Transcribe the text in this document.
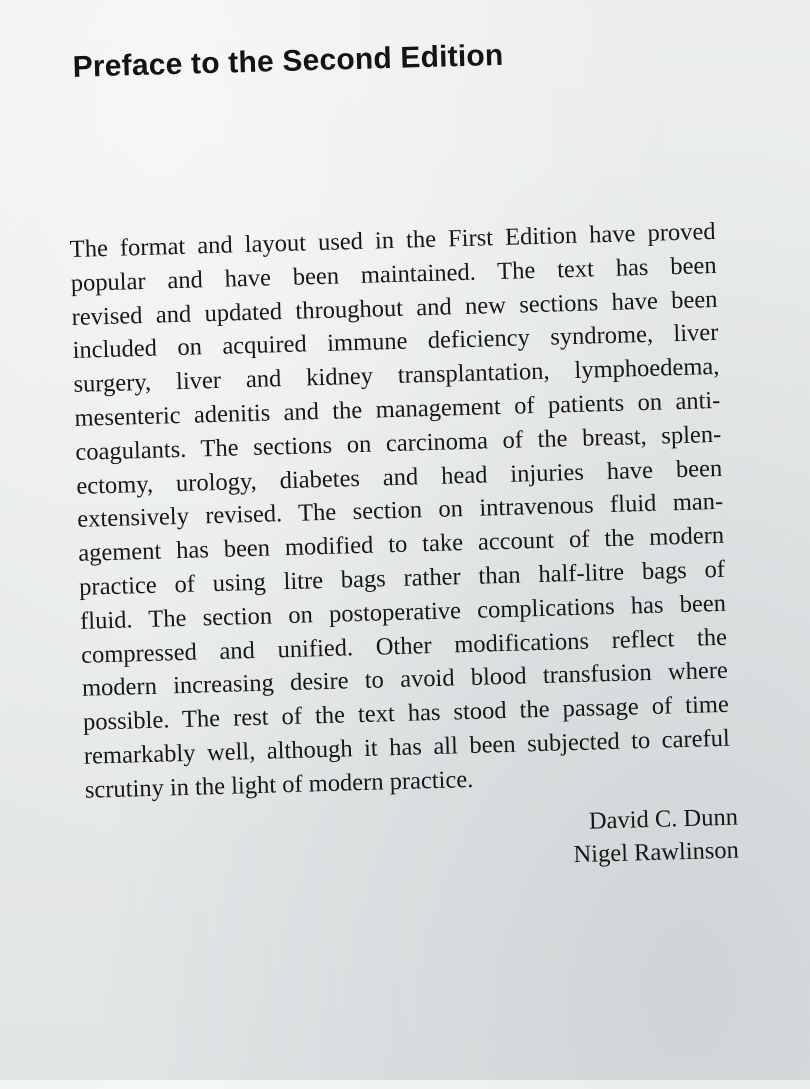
Preface to the Second Edition
The format and layout used in the First Edition have proved
popular and have been maintained. The text has been
revised and updated throughout and new sections have been
included on acquired immune deficiency syndrome, liver
surgery, liver and kidney transplantation, lymphoedema,
mesenteric adenitis and the management of patients on anti-
coagulants. The sections on carcinoma of the breast, splen-
ectomy, urology, diabetes and head injuries have been
extensively revised. The section on intravenous fluid man-
agement has been modified to take account of the modern
practice of using litre bags rather than half-litre bags of
fluid. The section on postoperative complications has been
compressed and unified. Other modifications reflect the
modern increasing desire to avoid blood transfusion where
possible. The rest of the text has stood the passage of time
remarkably well, although it has all been subjected to careful
scrutiny in the light of modern practice.
David C. Dunn
Nigel Rawlinson
